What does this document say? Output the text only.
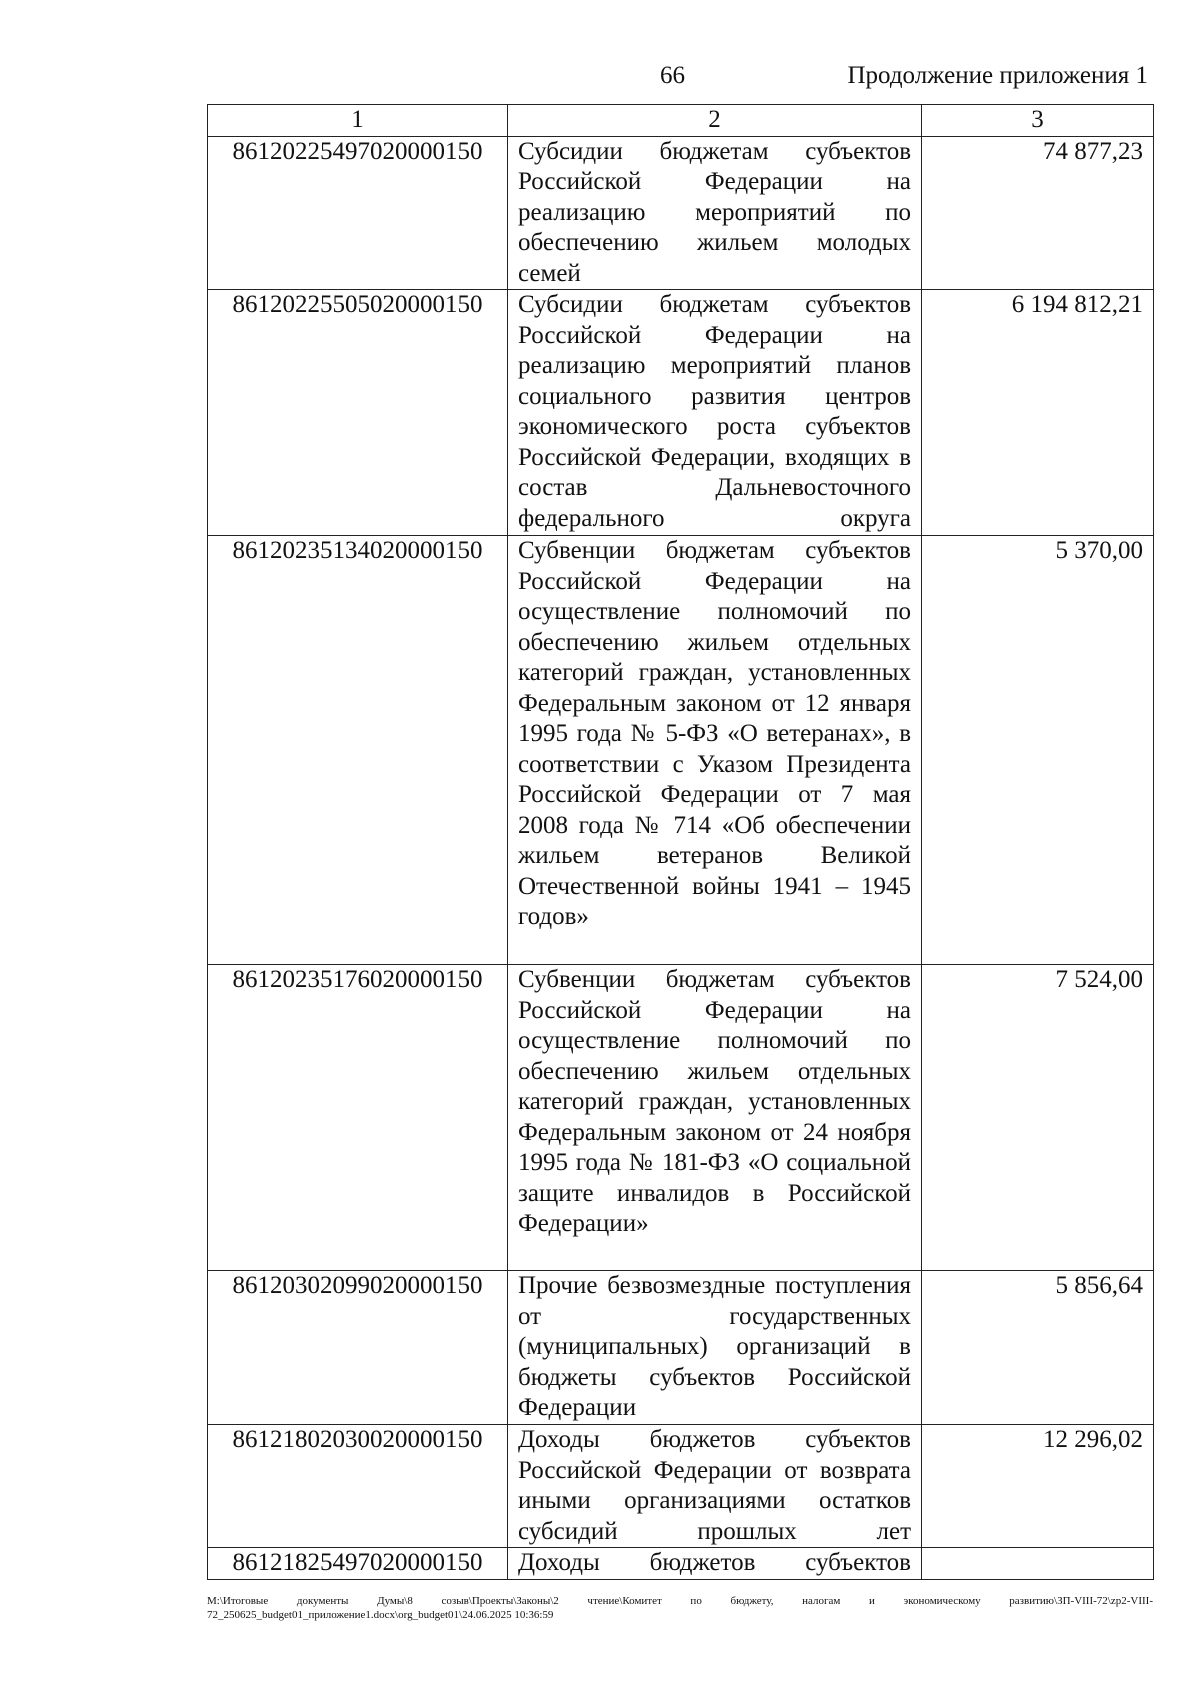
66	Продолжение приложения 1
1	2	3
86120225497020000150	Субсидии бюджетам субъектов Российской Федерации на реализацию мероприятий по обеспечению жильем молодых семей	74 877,23
86120225505020000150	Субсидии бюджетам субъектов Российской Федерации на реализацию мероприятий планов социального развития центров экономического роста субъектов Российской Федерации, входящих в состав Дальневосточного федерального округа	6 194 812,21
86120235134020000150	Субвенции бюджетам субъектов Российской Федерации на осуществление полномочий по обеспечению жильем отдельных категорий граждан, установленных Федеральным законом от 12 января 1995 года № 5-ФЗ «О ветеранах», в соответствии с Указом Президента Российской Федерации от 7 мая 2008 года № 714 «Об обеспечении жильем ветеранов Великой Отечественной войны 1941 – 1945 годов»	5 370,00
86120235176020000150	Субвенции бюджетам субъектов Российской Федерации на осуществление полномочий по обеспечению жильем отдельных категорий граждан, установленных Федеральным законом от 24 ноября 1995 года № 181-ФЗ «О социальной защите инвалидов в Российской Федерации»	7 524,00
86120302099020000150	Прочие безвозмездные поступления от государственных (муниципальных) организаций в бюджеты субъектов Российской Федерации	5 856,64
86121802030020000150	Доходы бюджетов субъектов Российской Федерации от возврата иными организациями остатков субсидий прошлых лет	12 296,02
86121825497020000150	Доходы бюджетов субъектов	
M:\Итоговые документы Думы\8 созыв\Проекты\Законы\2 чтение\Комитет по бюджету, налогам и экономическому развитию\ЗП-VIII-72\zp2-VIII-72_250625_budget01_приложение1.docx\org_budget01\24.06.2025 10:36:59
